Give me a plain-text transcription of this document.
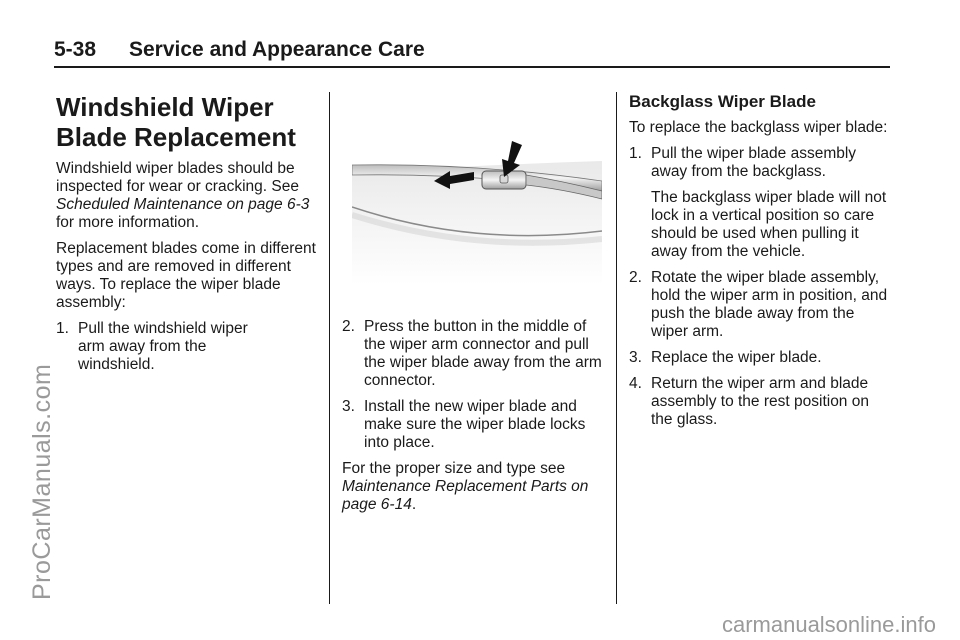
5-38 Service and Appearance Care
Windshield Wiper
Blade Replacement

Windshield wiper blades should be inspected for wear or cracking. See Scheduled Maintenance on page 6-3 for more information.

Replacement blades come in different types and are removed in different ways. To replace the wiper blade assembly:

1. Pull the windshield wiper arm away from the windshield.
2. Press the button in the middle of the wiper arm connector and pull the wiper blade away from the arm connector.
3. Install the new wiper blade and make sure the wiper blade locks into place.

For the proper size and type see Maintenance Replacement Parts on page 6-14.

Backglass Wiper Blade

To replace the backglass wiper blade:

1. Pull the wiper blade assembly away from the backglass.
The backglass wiper blade will not lock in a vertical position so care should be used when pulling it away from the vehicle.
2. Rotate the wiper blade assembly, hold the wiper arm in position, and push the blade away from the wiper arm.
3. Replace the wiper blade.
4. Return the wiper arm and blade assembly to the rest position on the glass.
ProCarManuals.com
carmanualsonline.info
